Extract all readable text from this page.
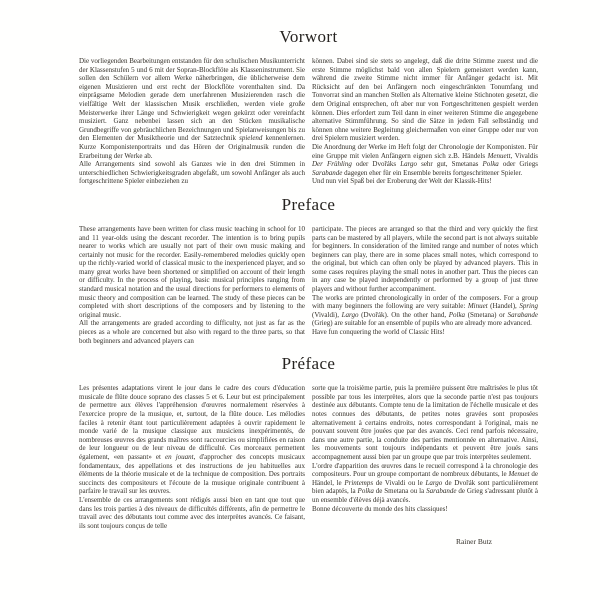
Vorwort

Die vorliegenden Bearbeitungen entstanden für den schulischen Musikunterricht der Klassenstufen 5 und 6 mit der Sopran-Blockflöte als Klasseninstrument. Sie sollen den Schülern vor allem Werke näherbringen, die üblicherweise dem eigenen Musizieren und erst recht der Blockflöte vorenthalten sind. Da einprägsame Melodien gerade dem unerfahrenen Musizierenden rasch die vielfältige Welt der klassischen Musik erschließen, werden viele große Meisterwerke ihrer Länge und Schwierigkeit wegen gekürzt oder vereinfacht musiziert. Ganz nebenbei lassen sich an den Stücken musikalische Grundbegriffe von gebräuchlichen Bezeichnungen und Spielanweisungen bis zu den Elementen der Musiktheorie und der Satztechnik spielend kennenlernen. Kurze Komponistenportraits und das Hören der Originalmusik runden die Erarbeitung der Werke ab.

Alle Arrangements sind sowohl als Ganzes wie in den drei Stimmen in unterschiedlichen Schwierigkeitsgraden abgefaßt, um sowohl Anfänger als auch fortgeschrittene Spieler einbeziehen zu

können. Dabei sind sie stets so angelegt, daß die dritte Stimme zuerst und die erste Stimme möglichst bald von allen Spielern gemeistert werden kann, während die zweite Stimme nicht immer für Anfänger gedacht ist. Mit Rücksicht auf den bei Anfängern noch eingeschränkten Tonumfang und Tonvorrat sind an manchen Stellen als Alternative kleine Stichnoten gesetzt, die dem Original entsprechen, oft aber nur von Fortgeschrittenen gespielt werden können. Dies erfordert zum Teil dann in einer weiteren Stimme die angegebene alternative Stimmführung. So sind die Sätze in jedem Fall selbständig und können ohne weitere Begleitung gleichermaßen von einer Gruppe oder nur von drei Spielern musiziert werden.

Die Anordnung der Werke im Heft folgt der Chronologie der Komponisten. Für eine Gruppe mit vielen Anfängern eignen sich z.B. Händels Menuett, Vivaldis Der Frühling oder Dvořáks Largo sehr gut, Smetanas Polka oder Griegs Sarabande dagegen eher für ein Ensemble bereits fortgeschrittener Spieler.

Und nun viel Spaß bei der Eroberung der Welt der Klassik-Hits!

Preface

These arrangements have been written for class music teaching in school for 10 and 11 year-olds using the descant recorder. The intention is to bring pupils nearer to works which are usually not part of their own music making and certainly not music for the recorder. Easily-remembered melodies quickly open up the richly-varied world of classical music to the inexperienced player, and so many great works have been shortened or simplified on account of their length or difficulty. In the process of playing, basic musical principles ranging from standard musical notation and the usual directions for performers to elements of music theory and composition can be learned. The study of these pieces can be completed with short descriptions of the composers and by listening to the original music.

All the arrangements are graded according to difficulty, not just as far as the pieces as a whole are concerned but also with regard to the three parts, so that both beginners and advanced players can

participate. The pieces are arranged so that the third and very quickly the first parts can be mastered by all players, while the second part is not always suitable for beginners. In consideration of the limited range and number of notes which beginners can play, there are in some places small notes, which correspond to the original, but which can often only be played by advanced players. This in some cases requires playing the small notes in another part. Thus the pieces can in any case be played independently or performed by a group of just three players and without further accompaniment.

The works are printed chronologically in order of the composers. For a group with many beginners the following are very suitable: Minuet (Handel), Spring (Vivaldi), Largo (Dvořák). On the other hand, Polka (Smetana) or Sarabande (Grieg) are suitable for an ensemble of pupils who are already more advanced.

Have fun conquering the world of Classic Hits!

Préface

Les présentes adaptations virent le jour dans le cadre des cours d'éducation musicale de flûte douce soprano des classes 5 et 6. Leur but est principalement de permettre aux élèves l'appréhension d'œuvres normalement réservées à l'exercice propre de la musique, et, surtout, de la flûte douce. Les mélodies faciles à retenir étant tout particulièrement adaptées à ouvrir rapidement le monde varié de la musique classique aux musiciens inexpérimentés, de nombreuses œuvres des grands maîtres sont raccourcies ou simplifiées en raison de leur longueur ou de leur niveau de difficulté. Ces morceaux permettent également, «en passant» et en jouant, d'approcher des concepts musicaux fondamentaux, des appellations et des instructions de jeu habituelles aux éléments de la théorie musicale et de la technique de composition. Des portraits succincts des compositeurs et l'écoute de la musique originale contribuent à parfaire le travail sur les œuvres.

L'ensemble de ces arrangements sont rédigés aussi bien en tant que tout que dans les trois parties à des niveaux de difficultés différents, afin de permettre le travail avec des débutants tout comme avec des interprètes avancés. Ce faisant, ils sont toujours conçus de telle

sorte que la troisième partie, puis la première puissent être maîtrisées le plus tôt possible par tous les interprètes, alors que la seconde partie n'est pas toujours destinée aux débutants. Compte tenu de la limitation de l'échelle musicale et des notes connues des débutants, de petites notes gravées sont proposées alternativement à certains endroits, notes correspondant à l'original, mais ne pouvant souvent être jouées que par des avancés. Ceci rend parfois nécessaire, dans une autre partie, la conduite des parties mentionnée en alternative. Ainsi, les mouvements sont toujours indépendants et peuvent être joués sans accompagnement aussi bien par un groupe que par trois interprètes seulement.

L'ordre d'apparition des œuvres dans le recueil correspond à la chronologie des compositeurs. Pour un groupe comportant de nombreux débutants, le Menuet de Händel, le Printemps de Vivaldi ou le Largo de Dvořák sont particulièrement bien adaptés, la Polka de Smetana ou la Sarabande de Grieg s'adressant plutôt à un ensemble d'élèves déjà avancés.

Bonne découverte du monde des hits classiques!

Rainer Butz
